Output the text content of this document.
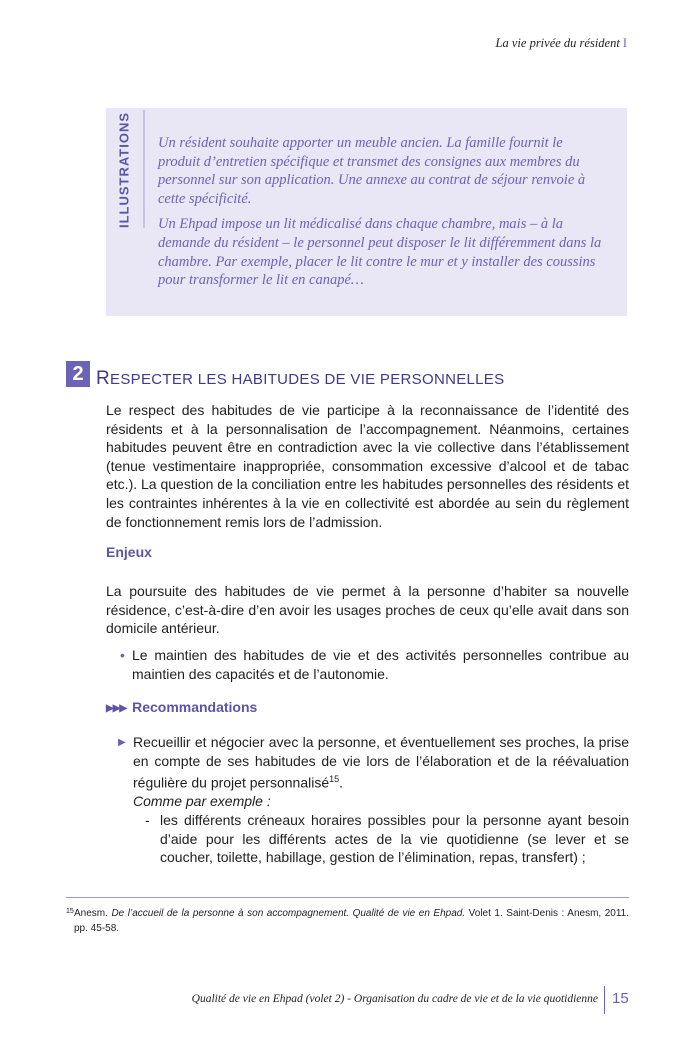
La vie privée du résident I
ILLUSTRATIONS Un résident souhaite apporter un meuble ancien. La famille fournit le produit d’entretien spécifique et transmet des consignes aux membres du personnel sur son application. Une annexe au contrat de séjour renvoie à cette spécificité.

Un Ehpad impose un lit médicalisé dans chaque chambre, mais – à la demande du résident – le personnel peut disposer le lit différemment dans la chambre. Par exemple, placer le lit contre le mur et y installer des coussins pour transformer le lit en canapé…

2 RESPECTER LES HABITUDES DE VIE PERSONNELLES
Le respect des habitudes de vie participe à la reconnaissance de l’identité des résidents et à la personnalisation de l’accompagnement. Néanmoins, certaines habitudes peuvent être en contradiction avec la vie collective dans l’établissement (tenue vestimentaire inappropriée, consommation excessive d’alcool et de tabac etc.). La question de la conciliation entre les habitudes personnelles des résidents et les contraintes inhérentes à la vie en collectivité est abordée au sein du règlement de fonctionnement remis lors de l’admission.
Enjeux
La poursuite des habitudes de vie permet à la personne d’habiter sa nouvelle résidence, c’est-à-dire d’en avoir les usages proches de ceux qu’elle avait dans son domicile antérieur.
• Le maintien des habitudes de vie et des activités personnelles contribue au maintien des capacités et de l’autonomie.
▶▶▶ Recommandations
▶ Recueillir et négocier avec la personne, et éventuellement ses proches, la prise en compte de ses habitudes de vie lors de l’élaboration et de la réévaluation régulière du projet personnalisé$^{15}$.
Comme par exemple :
- les différents créneaux horaires possibles pour la personne ayant besoin d’aide pour les différents actes de la vie quotidienne (se lever et se coucher, toilette, habillage, gestion de l’élimination, repas, transfert) ;
15 Anesm. De l’accueil de la personne à son accompagnement. Qualité de vie en Ehpad. Volet 1. Saint-Denis : Anesm, 2011. pp. 45-58.
Qualité de vie en Ehpad (volet 2) - Organisation du cadre de vie et de la vie quotidienne 15
